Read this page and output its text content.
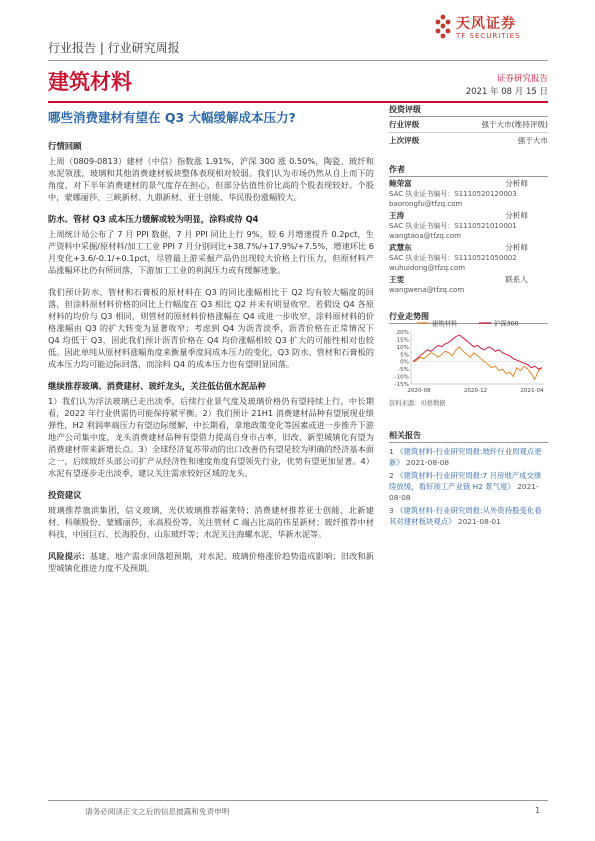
行业报告 | 行业研究周报
天风证券
TF SECURITIES
建筑材料	证券研究报告
2021 年 08 月 15 日
哪些消费建材有望在 Q3 大幅缓解成本压力?
行情回顾

上周（0809-0813）建材（中信）指数涨 1.91%，沪深 300 涨 0.50%，陶瓷、玻纤和水泥领涨，玻璃和其他消费建材板块整体表现相对较弱。我们认为市场仍然从自上而下的角度，对下半年消费建材的景气度存在担心，但部分估值性价比高的个股表现较好。个股中，蒙娜丽莎、三峡新材、九鼎新材、亚士创能、华民股份涨幅较大。

防水、管材 Q3 成本压力缓解或较为明显，涂料或待 Q4

上周统计局公布了 7 月 PPI 数据，7 月 PPI 同比上行 9%，较 6 月增速提升 0.2pct，生产资料中采掘/原材料/加工工业 PPI 7 月分别同比+38.7%/+17.9%/+7.5%，增速环比 6 月变化+3.6/-0.1/+0.1pct，尽管最上游采掘产品仍出现较大价格上行压力，但原材料产品涨幅环比仍有所回落，下游加工工业的利润压力或有缓解迹象。

我们预计防水、管材和石膏板的原材料在 Q3 的同比涨幅相比于 Q2 均有较大幅度的回落，但涂料原材料价格的同比上行幅度在 Q3 相比 Q2 并未有明显收窄。若假设 Q4 各原材料的均价与 Q3 相同，则管材的原材料价格涨幅在 Q4 或进一步收窄，涂料原材料的价格涨幅由 Q3 的扩大转变为显著收窄；考虑到 Q4 为沥青淡季，沥青价格在正常情况下 Q4 均低于 Q3，因此我们预计沥青价格在 Q4 均价涨幅相较 Q3 扩大的可能性相对也较低。因此单纯从原材料涨幅角度来衡量季度间成本压力的变化，Q3 防水、管材和石膏板的成本压力均可能边际回落，而涂料 Q4 的成本压力也有望明显回落。

继续推荐玻璃、消费建材、玻纤龙头，关注低估值水泥品种

1）我们认为浮法玻璃已走出淡季，后续行业景气度及玻璃价格仍有望持续上行，中长期看，2022 年行业供需仍可能保持紧平衡。2）我们预计 21H1 消费建材品种有望展现业绩弹性，H2 利润率端压力有望边际缓解，中长期看，拿地政策变化等因素或进一步推升下游地产公司集中度，龙头消费建材品种有望借力提高自身市占率，旧改、新型城镇化有望为消费建材带来新增长点。3）全球经济复苏带动的出口改善仍有望是较为明确的经济基本面之一，后续玻纤头部公司扩产从经济性和速度角度有望领先行业，优势有望更加显著。4）水泥有望逐步走出淡季，建议关注需求较好区域的龙头。

投资建议

玻璃推荐旗滨集团，信义玻璃，光伏玻璃推荐福莱特；消费建材推荐亚士创能、北新建材、科顺股份、蒙娜丽莎，永高股份等，关注管材 C 端占比高的伟星新材；玻纤推荐中材科技，中国巨石、长海股份、山东玻纤等；水泥关注海螺水泥、华新水泥等。

风险提示：基建、地产需求回落超预期，对水泥、玻璃价格涨价趋势造成影响；旧改和新型城镇化推进力度不及预期。

投资评级
行业评级	强于大市(维持评级)
上次评级	强于大市
作者
鲍荣富	分析师
SAC 执业证书编号：S1110520120003
baorongfu@tfzq.com
王涛	分析师
SAC 执业证书编号：S1110521010001
wangtaoa@tfzq.com
武慧东	分析师
SAC 执业证书编号：S1110521050002
wuhuidong@tfzq.com
王雯	联系人
wangwena@tfzq.com
行业走势图
建筑材料	沪深300
20%
15%
10%
5%
0%
-5%
-10%
-15%
2020-08	2020-12	2021-04
资料来源：贝格数据
相关报告
1 《建筑材料-行业研究周报:玻纤行业周观点更新》 2021-08-08
2 《建筑材料-行业研究周报:7 月房地产成交继续放缓，看好竣工产业链 H2 景气度》 2021-08-08
3 《建筑材料-行业研究周报:从外资持股变化看其对建材板块观点》 2021-08-01
请务必阅读正文之后的信息披露和免责申明	1
